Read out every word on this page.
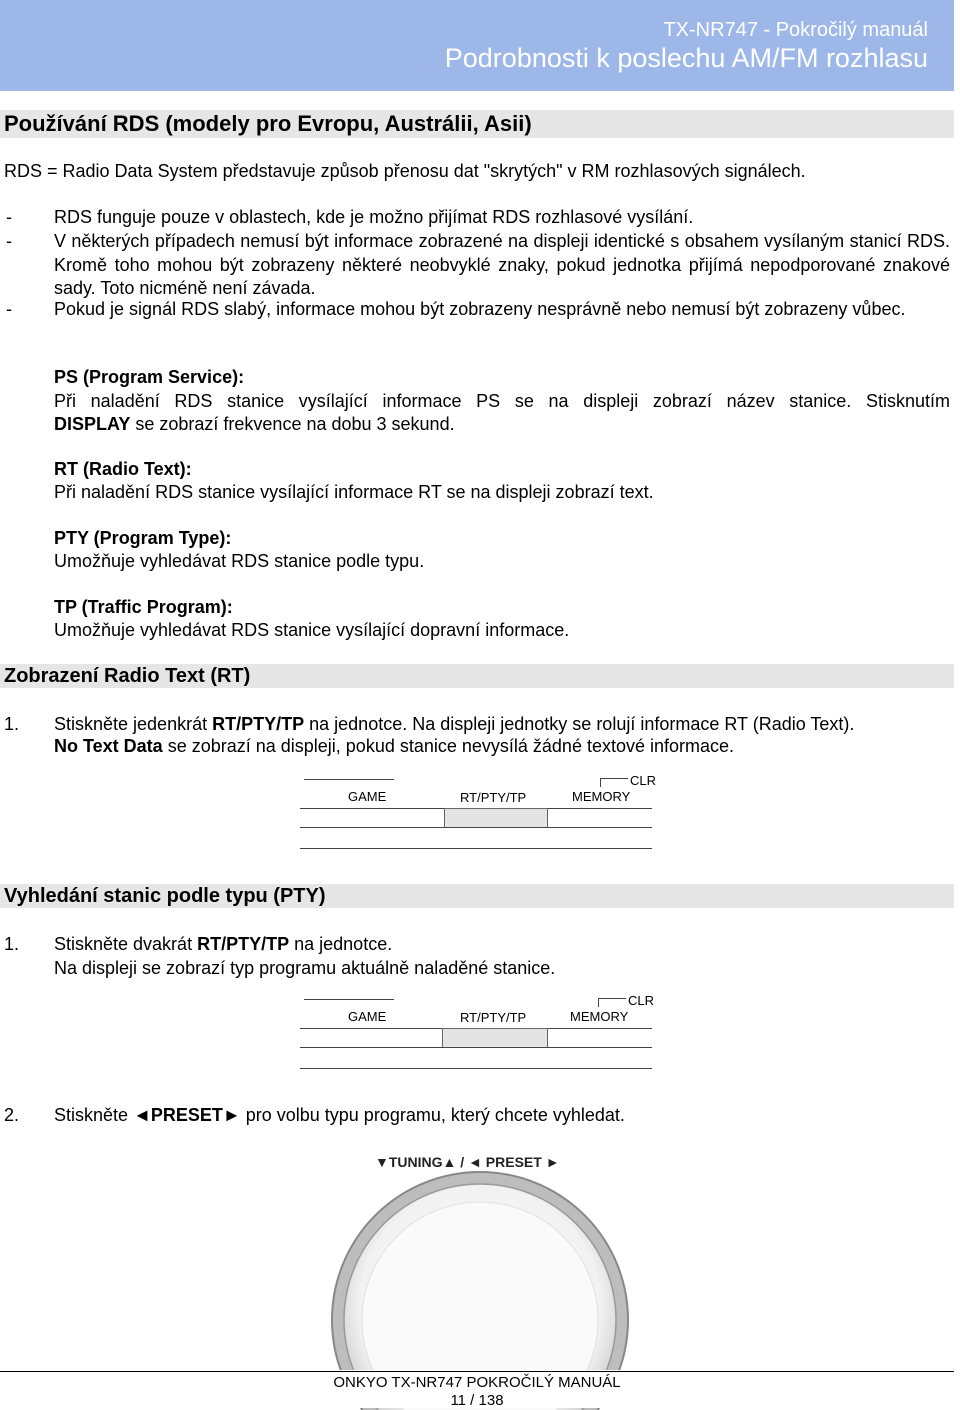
TX-NR747 - Pokročilý manuál
Podrobnosti k poslechu AM/FM rozhlasu
Používání RDS (modely pro Evropu, Austrálii, Asii)
RDS = Radio Data System představuje způsob přenosu dat "skrytých" v RM rozhlasových signálech.
- RDS funguje pouze v oblastech, kde je možno přijímat RDS rozhlasové vysílání.
- V některých případech nemusí být informace zobrazené na displeji identické s obsahem vysílaným stanicí RDS. Kromě toho mohou být zobrazeny některé neobvyklé znaky, pokud jednotka přijímá nepodporované znakové sady. Toto nicméně není závada.
- Pokud je signál RDS slabý, informace mohou být zobrazeny nesprávně nebo nemusí být zobrazeny vůbec.
PS (Program Service):
Při naladění RDS stanice vysílající informace PS se na displeji zobrazí název stanice. Stisknutím
DISPLAY se zobrazí frekvence na dobu 3 sekund.
RT (Radio Text):
Při naladění RDS stanice vysílající informace RT se na displeji zobrazí text.
PTY (Program Type):
Umožňuje vyhledávat RDS stanice podle typu.
TP (Traffic Program):
Umožňuje vyhledávat RDS stanice vysílající dopravní informace.
Zobrazení Radio Text (RT)
1. Stiskněte jedenkrát RT/PTY/TP na jednotce. Na displeji jednotky se rolují informace RT (Radio Text).
No Text Data se zobrazí na displeji, pokud stanice nevysílá žádné textové informace.
CLR
GAME	RT/PTY/TP	MEMORY
Vyhledání stanic podle typu (PTY)
1. Stiskněte dvakrát RT/PTY/TP na jednotce.
Na displeji se zobrazí typ programu aktuálně naladěné stanice.
CLR
GAME	RT/PTY/TP	MEMORY
2. Stiskněte ◄PRESET► pro volbu typu programu, který chcete vyhledat.
▼TUNING▲ / ◄ PRESET ►
ONKYO TX-NR747 POKROČILÝ MANUÁL
11 / 138
